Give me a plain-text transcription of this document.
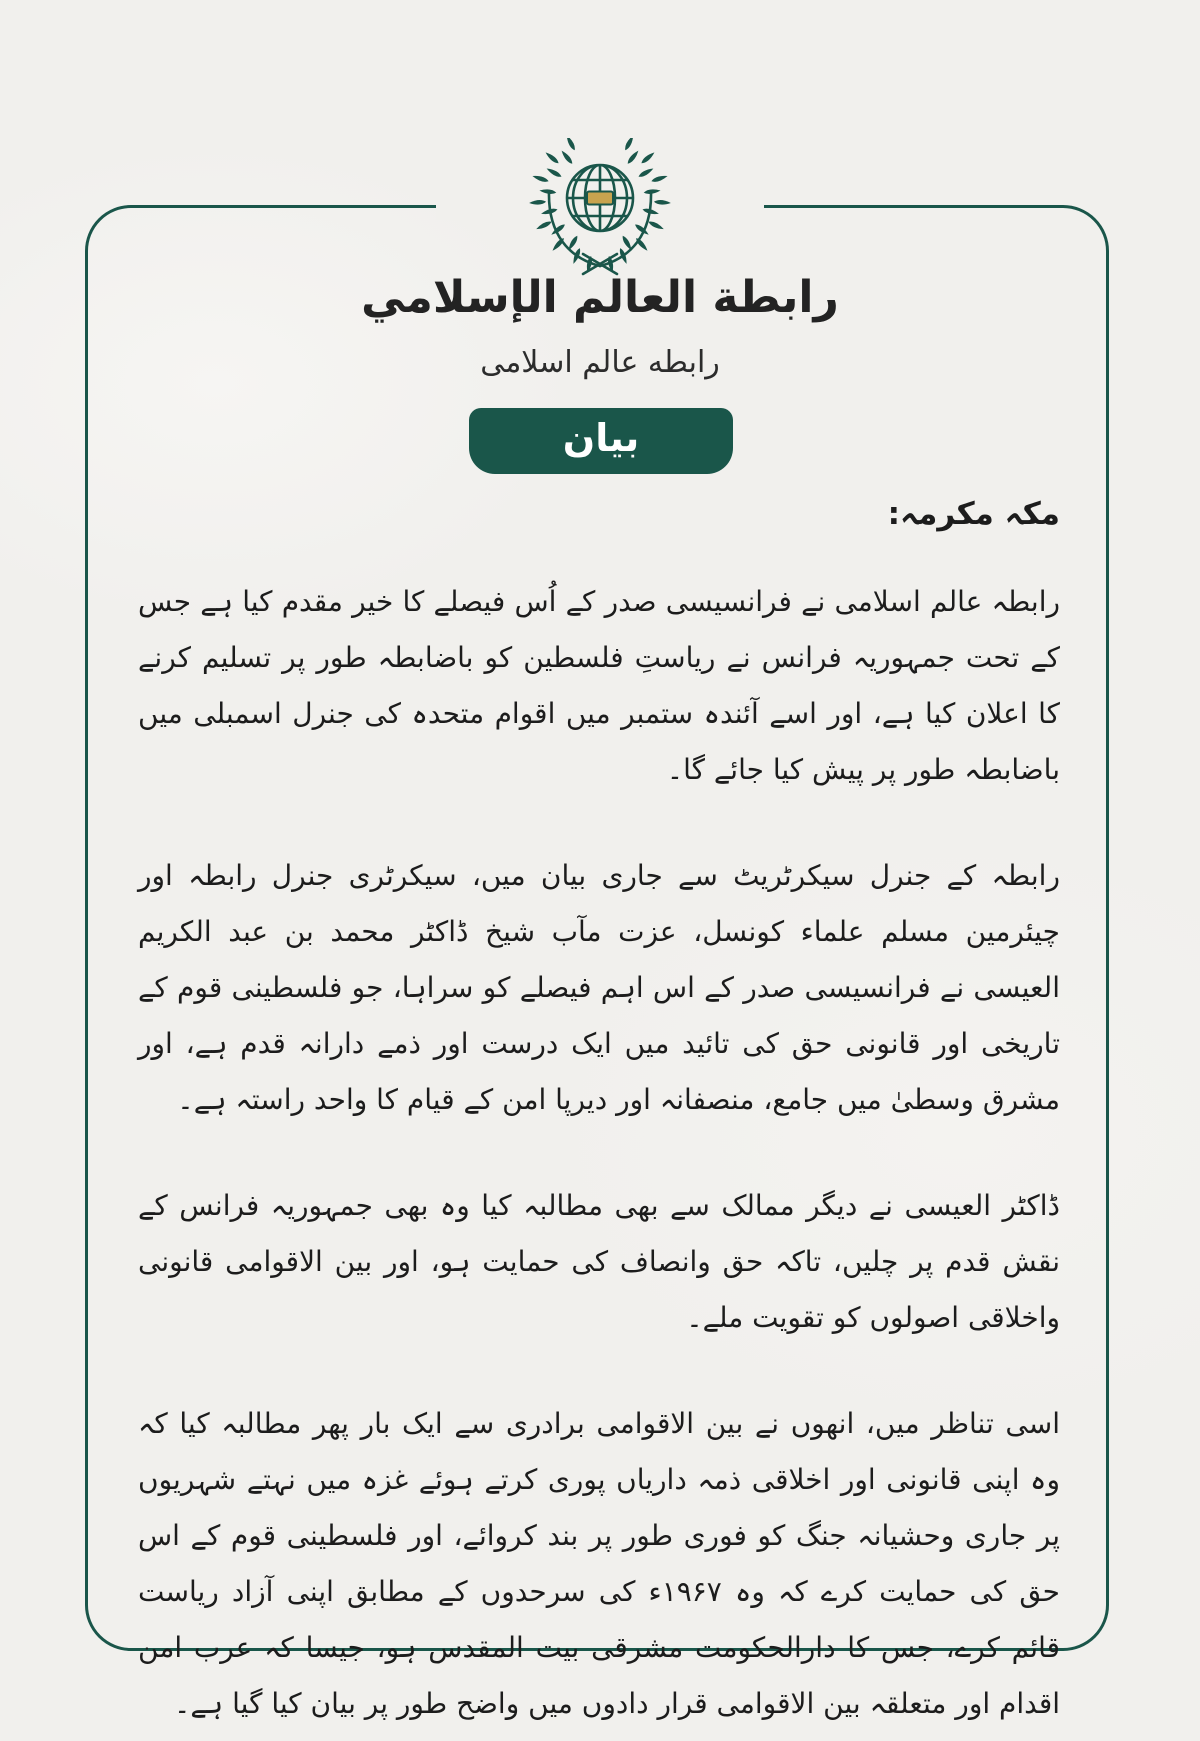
رابطة العالم الإسلامي
رابطه عالم اسلامی
بيان
مکہ مکرمہ:

رابطہ عالم اسلامی نے فرانسیسی صدر کے اُس فیصلے کا خیر مقدم کیا ہے جس کے تحت جمہوریہ فرانس نے ریاستِ فلسطین کو باضابطہ طور پر تسلیم کرنے کا اعلان کیا ہے، اور اسے آئندہ ستمبر میں اقوام متحدہ کی جنرل اسمبلی میں باضابطہ طور پر پیش کیا جائے گا۔

رابطہ کے جنرل سیکرٹریٹ سے جاری بیان میں، سیکرٹری جنرل رابطہ اور چیئرمین مسلم علماء کونسل، عزت مآب شیخ ڈاکٹر محمد بن عبد الکریم العیسی نے فرانسیسی صدر کے اس اہم فیصلے کو سراہا، جو فلسطینی قوم کے تاریخی اور قانونی حق کی تائید میں ایک درست اور ذمے دارانہ قدم ہے، اور مشرق وسطیٰ میں جامع، منصفانہ اور دیرپا امن کے قیام کا واحد راستہ ہے۔

ڈاکٹر العیسی نے دیگر ممالک سے بھی مطالبہ کیا وہ بھی جمہوریہ فرانس کے نقش قدم پر چلیں، تاکہ حق وانصاف کی حمایت ہو، اور بین الاقوامی قانونی واخلاقی اصولوں کو تقویت ملے۔

اسی تناظر میں، انھوں نے بین الاقوامی برادری سے ایک بار پھر مطالبہ کیا کہ وہ اپنی قانونی اور اخلاقی ذمہ داریاں پوری کرتے ہوئے غزہ میں نہتے شہریوں پر جاری وحشیانہ جنگ کو فوری طور پر بند کروائے، اور فلسطینی قوم کے اس حق کی حمایت کرے کہ وہ ۱۹۶۷ء کی سرحدوں کے مطابق اپنی آزاد ریاست قائم کرے، جس کا دارالحکومت مشرقی بیت المقدس ہو، جیسا کہ عرب امن اقدام اور متعلقہ بین الاقوامی قرار دادوں میں واضح طور پر بیان کیا گیا ہے۔
